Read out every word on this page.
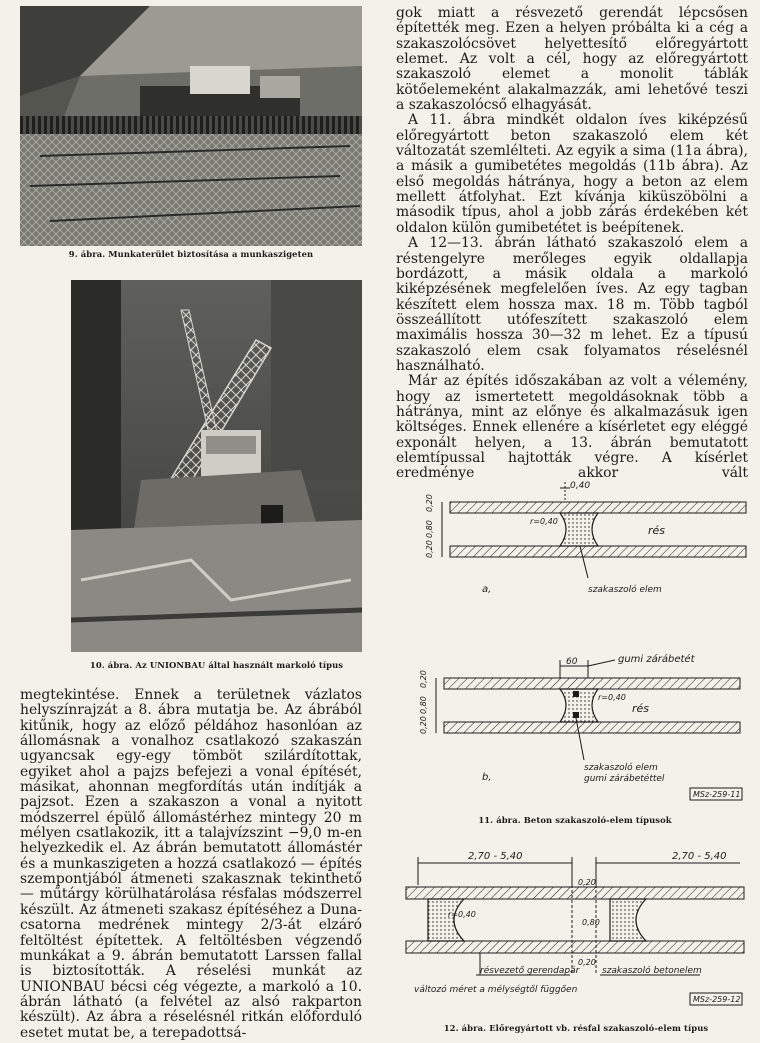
9. ábra. Munkaterület biztosítása a munkaszigeten
10. ábra. Az UNIONBAU által használt markoló típus

megtekintése. Ennek a területnek vázlatos helyszínrajzát a 8. ábra mutatja be. Az ábrából kitűnik, hogy az előző példához hasonlóan az állomásnak a vonalhoz csatlakozó szakaszán ugyancsak egy-egy tömböt szilárdítottak, egyiket ahol a pajzs befejezi a vonal építését, másikat, ahonnan megfordítás után indítják a pajzsot. Ezen a szakaszon a vonal a nyitott módszerrel épülő állomástérhez mintegy 20 m mélyen csatlakozik, itt a talajvízszint −9,0 m-en helyezkedik el. Az ábrán bemutatott állomástér és a munkaszigeten a hozzá csatlakozó — építés szempontjából átmeneti szakasznak tekinthető — műtárgy körülhatárolása résfalas módszerrel készült. Az átmeneti szakasz építéséhez a Duna-csatorna medrének mintegy 2/3-át elzáró feltöltést építettek. A feltöltésben végzendő munkákat a 9. ábrán bemutatott Larssen fallal is biztosították. A réselési munkát az UNIONBAU bécsi cég végezte, a markoló a 10. ábrán látható (a felvétel az alsó rakparton készült). Az ábra a réselésnél ritkán előforduló esetet mutat be, a terepadottsá-

gok miatt a résvezető gerendát lépcsősen építették meg. Ezen a helyen próbálta ki a cég a szakaszolócsövet helyettesítő előregyártott elemet. Az volt a cél, hogy az előregyártott szakaszoló elemet a monolit táblák kötőelemeként alakalmazzák, ami lehetővé teszi a szakaszolócső elhagyását.

A 11. ábra mindkét oldalon íves kiképzésű előregyártott beton szakaszoló elem két változatát szemlélteti. Az egyik a sima (11a ábra), a másik a gumibetétes megoldás (11b ábra). Az első megoldás hátránya, hogy a beton az elem mellett átfolyhat. Ezt kívánja kiküszöbölni a második típus, ahol a jobb zárás érdekében két oldalon külön gumibetétet is beépítenek.

A 12—13. ábrán látható szakaszoló elem a réstengelyre merőleges egyik oldallapja bordázott, a másik oldala a markoló kiképzésének megfelelően íves. Az egy tagban készített elem hossza max. 18 m. Több tagból összeállított utófeszített szakaszoló elem maximális hossza 30—32 m lehet. Ez a típusú szakaszoló elem csak folyamatos réselésnél használható.

Már az építés időszakában az volt a vélemény, hogy az ismertetett megoldásoknak több a hátránya, mint az előnye és alkalmazásuk igen költséges. Ennek ellenére a kísérletet egy eléggé exponált helyen, a 13. ábrán bemutatott elemtípussal hajtották végre. A kísérlet eredménye akkor vált

0,40
0,20
0,80
0,20
r=0,40
rés
szakaszoló elem
a,
60	gumi zárábetét
0,20
0,80
0,20
r=0,40
rés
szakaszoló elem
gumi zárábetéttel
b,
MSz-259-11
11. ábra. Beton szakaszoló-elem típusok
2,70 - 5,40	2,70 - 5,40
0,20
0,80
0,20
r=0,40
résvezető gerendapár	szakaszoló betonelem
változó méret a mélységtől függően
MSz-259-12
12. ábra. Előregyártott vb. résfal szakaszoló-elem típus
